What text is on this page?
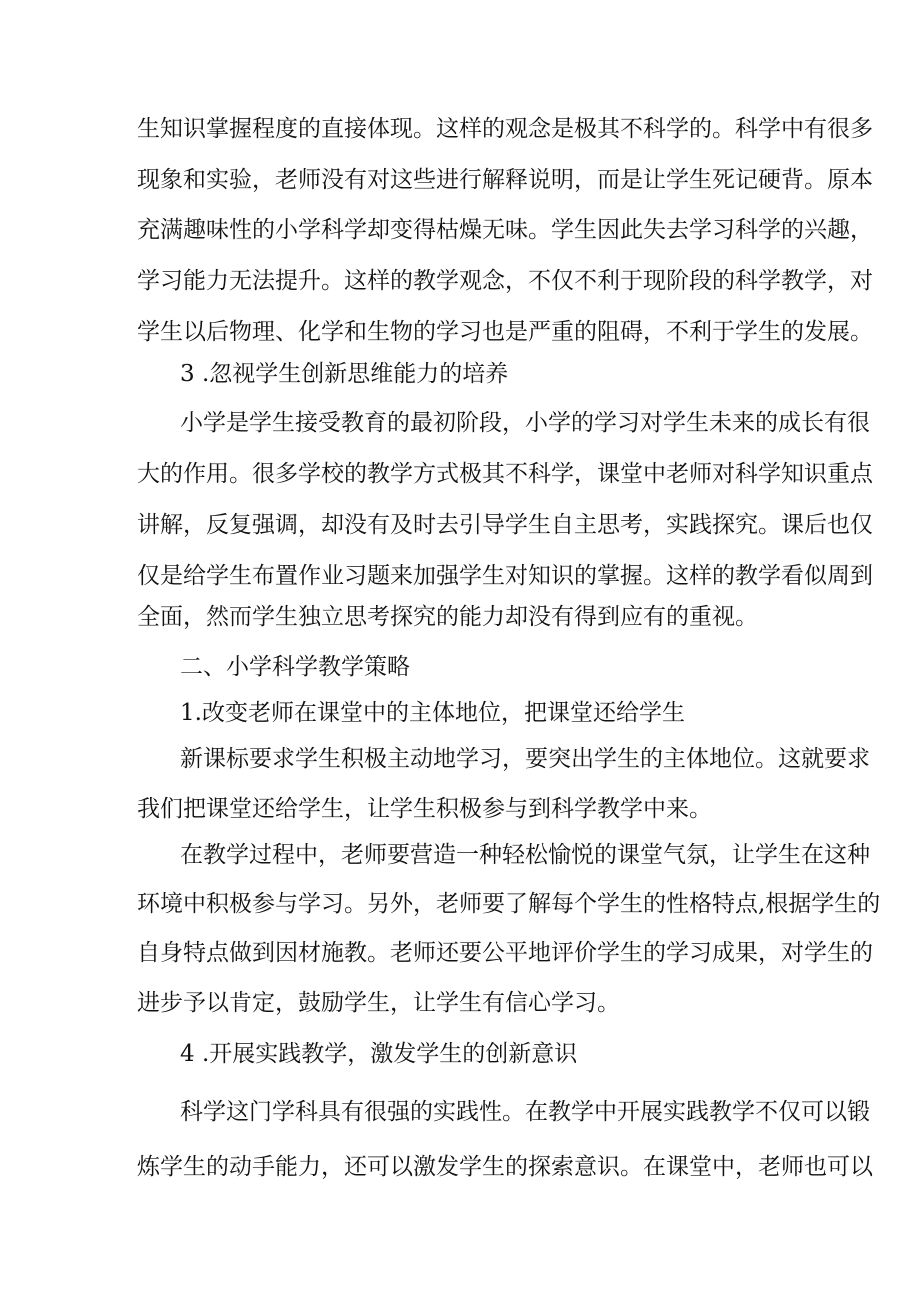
生知识掌握程度的直接体现。这样的观念是极其不科学的。科学中有很多
现象和实验，老师没有对这些进行解释说明，而是让学生死记硬背。原本
充满趣味性的小学科学却变得枯燥无味。学生因此失去学习科学的兴趣，
学习能力无法提升。这样的教学观念，不仅不利于现阶段的科学教学，对
学生以后物理、化学和生物的学习也是严重的阻碍，不利于学生的发展。
3 .忽视学生创新思维能力的培养
小学是学生接受教育的最初阶段，小学的学习对学生未来的成长有很
大的作用。很多学校的教学方式极其不科学，课堂中老师对科学知识重点
讲解，反复强调，却没有及时去引导学生自主思考，实践探究。课后也仅
仅是给学生布置作业习题来加强学生对知识的掌握。这样的教学看似周到
全面，然而学生独立思考探究的能力却没有得到应有的重视。
二、小学科学教学策略
1.改变老师在课堂中的主体地位，把课堂还给学生
新课标要求学生积极主动地学习，要突出学生的主体地位。这就要求
我们把课堂还给学生，让学生积极参与到科学教学中来。
在教学过程中，老师要营造一种轻松愉悦的课堂气氛，让学生在这种
环境中积极参与学习。另外，老师要了解每个学生的性格特点,根据学生的
自身特点做到因材施教。老师还要公平地评价学生的学习成果，对学生的
进步予以肯定，鼓励学生，让学生有信心学习。
4 .开展实践教学，激发学生的创新意识
科学这门学科具有很强的实践性。在教学中开展实践教学不仅可以锻
炼学生的动手能力，还可以激发学生的探索意识。在课堂中，老师也可以
